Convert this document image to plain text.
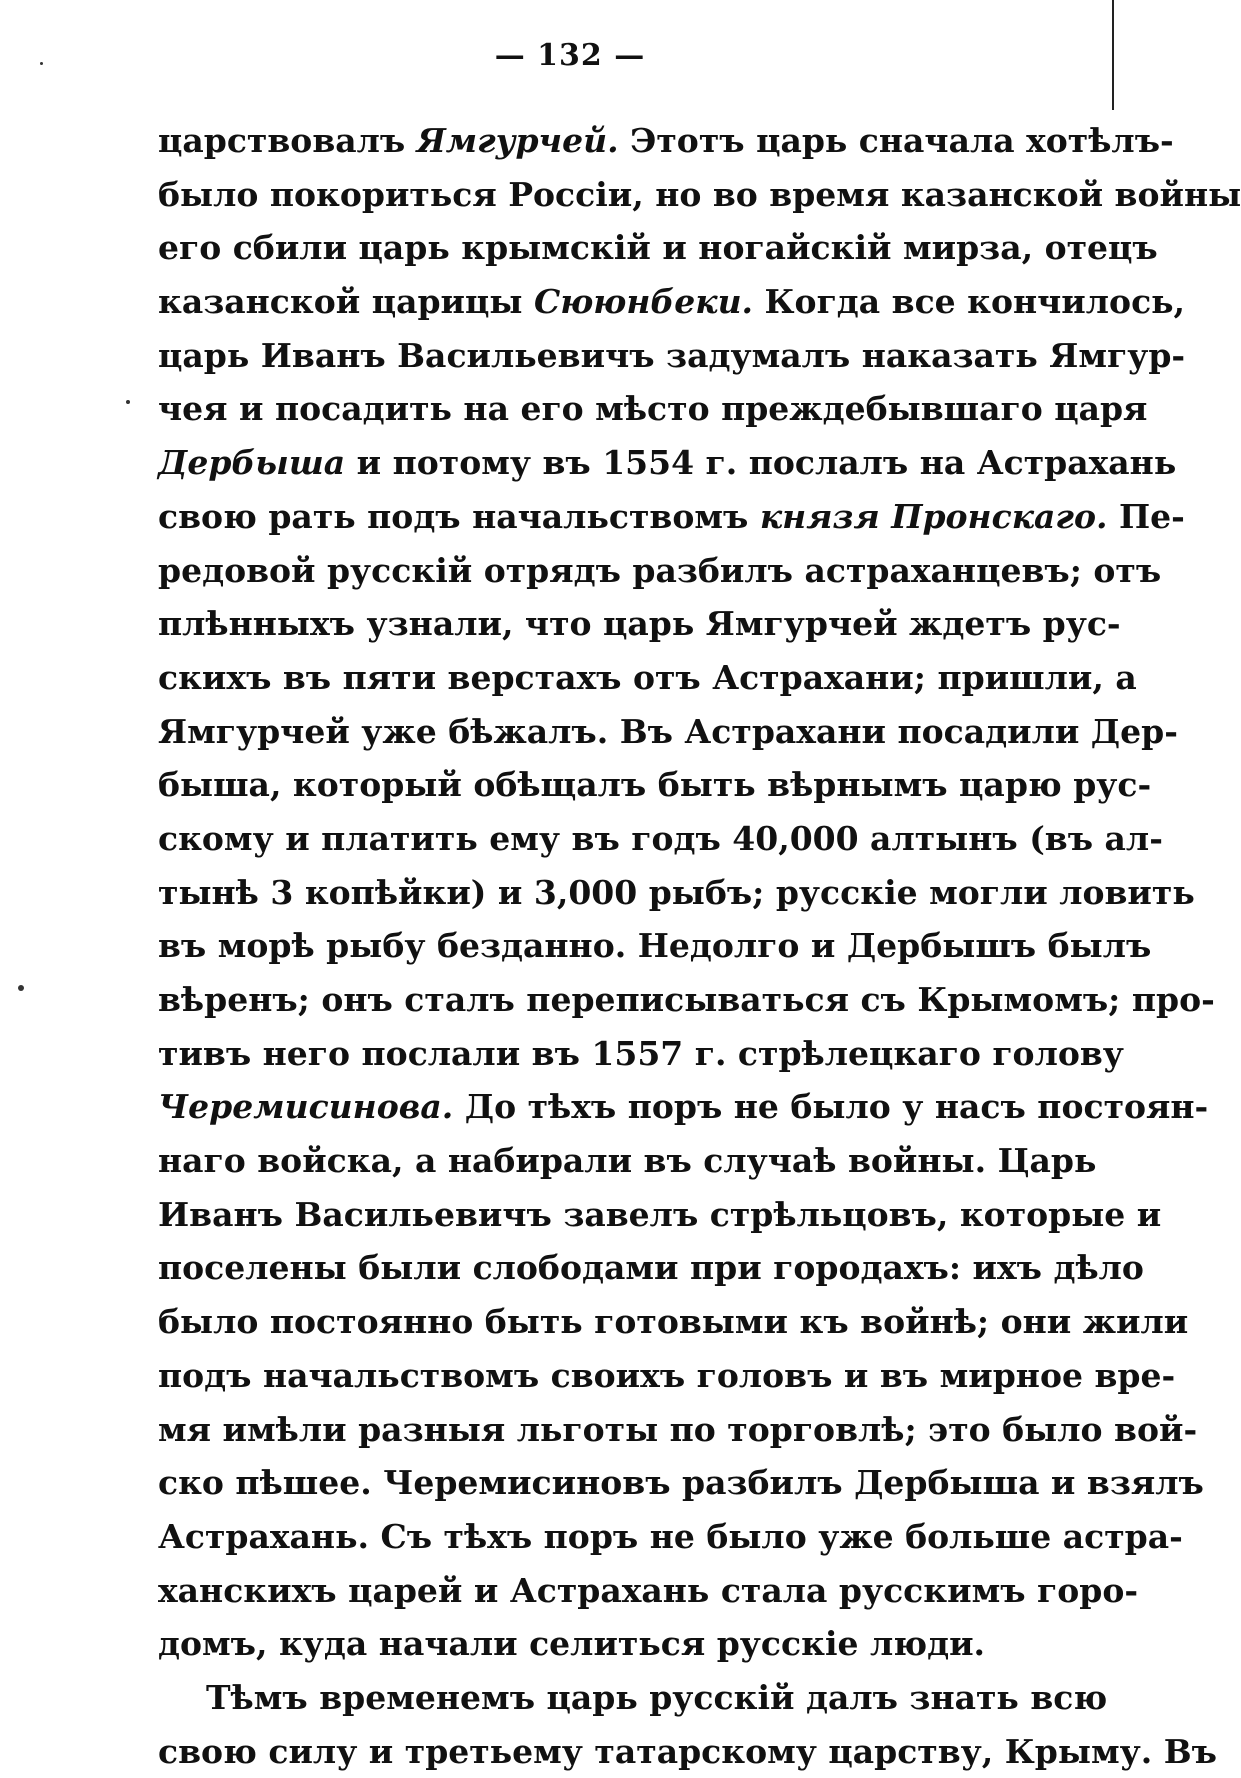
— 132 —
царствовалъ Ямгурчей. Этотъ царь сначала хотѣлъ-
было покориться Россіи, но во время казанской войны
его сбили царь крымскій и ногайскій мирза, отецъ
казанской царицы Сююнбеки. Когда все кончилось,
царь Иванъ Васильевичъ задумалъ наказать Ямгур-
чея и посадить на его мѣсто преждебывшаго царя
Дербыша и потому въ 1554 г. послалъ на Астрахань
свою рать подъ начальствомъ князя Пронскаго. Пе-
редовой русскій отрядъ разбилъ астраханцевъ; отъ
плѣнныхъ узнали, что царь Ямгурчей ждетъ рус-
скихъ въ пяти верстахъ отъ Астрахани; пришли, а
Ямгурчей уже бѣжалъ. Въ Астрахани посадили Дер-
быша, который обѣщалъ быть вѣрнымъ царю рус-
скому и платить ему въ годъ 40,000 алтынъ (въ ал-
тынѣ 3 копѣйки) и 3,000 рыбъ; русскіе могли ловить
въ морѣ рыбу безданно. Недолго и Дербышъ былъ
вѣренъ; онъ сталъ переписываться съ Крымомъ; про-
тивъ него послали въ 1557 г. стрѣлецкаго голову
Черемисинова. До тѣхъ поръ не было у насъ постоян-
наго войска, а набирали въ случаѣ войны. Царь
Иванъ Васильевичъ завелъ стрѣльцовъ, которые и
поселены были слободами при городахъ: ихъ дѣло
было постоянно быть готовыми къ войнѣ; они жили
подъ начальствомъ своихъ головъ и въ мирное вре-
мя имѣли разныя льготы по торговлѣ; это было вой-
ско пѣшее. Черемисиновъ разбилъ Дербыша и взялъ
Астрахань. Съ тѣхъ поръ не было уже больше астра-
ханскихъ царей и Астрахань стала русскимъ горо-
домъ, куда начали селиться русскіе люди.
Тѣмъ временемъ царь русскій далъ знать всю
свою силу и третьему татарскому царству, Крыму. Въ
